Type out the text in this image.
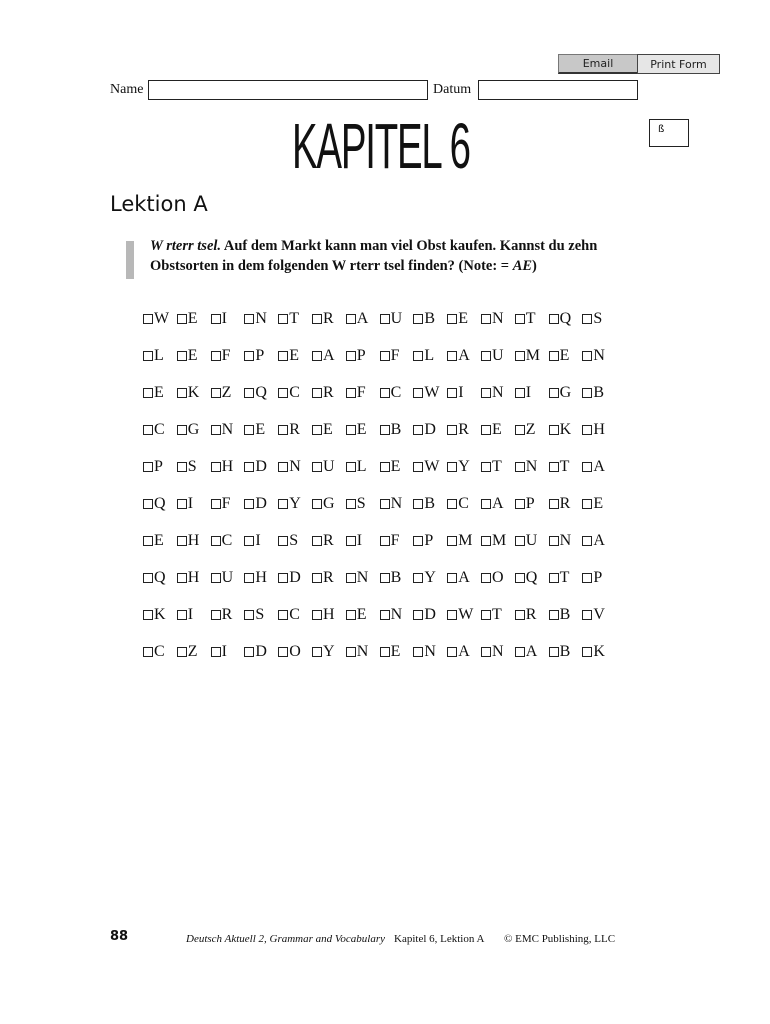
Email	Print Form
Name	Datum
KAPITEL 6	ß
Lektion A
W rterr tsel. Auf dem Markt kann man viel Obst kaufen. Kannst du zehn Obstsorten in dem folgenden W rterr tsel finden? (Note: = AE)
W E I N T R A U B E N T Q S
L E F P E A P F L A U M E N
E K Z Q C R F C W I N I G B
C G N E R E E B D R E Z K H
P S H D N U L E W Y T N T A
Q I F D Y G S N B C A P R E
E H C I S R I F P M M U N A
Q H U H D R N B Y A O Q T P
K I R S C H E N D W T R B V
C Z I D O Y N E N A N A B K
88	Deutsch Aktuell 2, Grammar and Vocabulary Kapitel 6, Lektion A © EMC Publishing, LLC
